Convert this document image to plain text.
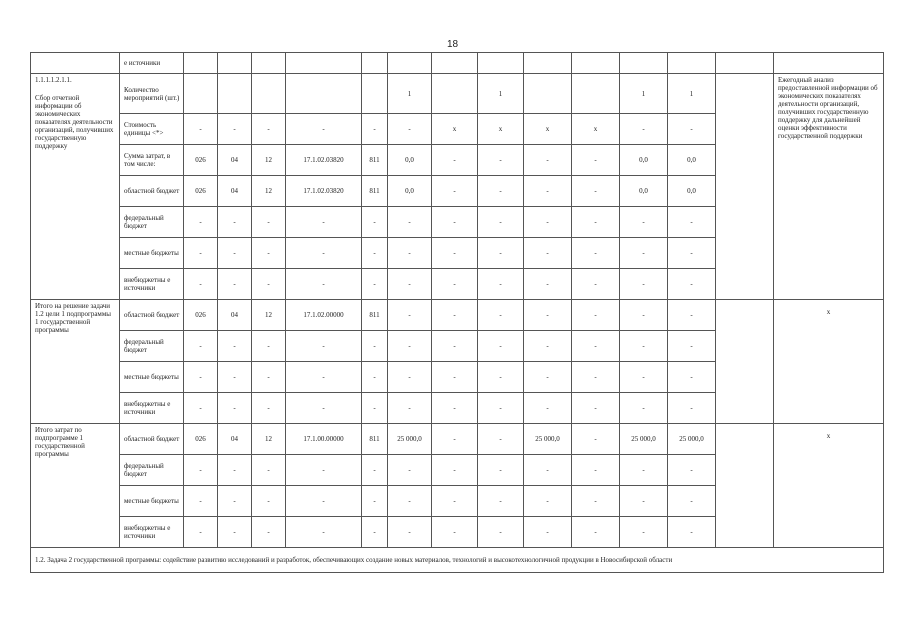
18
	е источники														

1.1.1.1.2.1.1.
Сбор отчетной информации об экономических показателях деятельности организаций, получивших государственную поддержку	Количество мероприятий (шт.)						1		1			1	1		Ежегодный анализ предоставленной информации об экономических показателях деятельности организаций, получивших государственную поддержку для дальнейшей оценки эффективности государственной поддержки
	Стоимость единицы <*>	-	-	-	-	-	-	x	x	x	x	-	-		
	Сумма затрат, в том числе:	026	04	12	17.1.02.03820	811	0,0	-	-	-	-	0,0	0,0		
	областной бюджет	026	04	12	17.1.02.03820	811	0,0	-	-	-	-	0,0	0,0		
	федеральный бюджет	-	-	-	-	-	-	-	-	-	-	-	-		
	местные бюджеты	-	-	-	-	-	-	-	-	-	-	-	-		
	внебюджетны е источники	-	-	-	-	-	-	-	-	-	-	-	-		
Итого на решение задачи 1.2 цели 1 подпрограммы 1 государственной программы	областной бюджет	026	04	12	17.1.02.00000	811	-	-	-	-	-	-	-		x
	федеральный бюджет	-	-	-	-	-	-	-	-	-	-	-	-		
	местные бюджеты	-	-	-	-	-	-	-	-	-	-	-	-		
	внебюджетны е источники	-	-	-	-	-	-	-	-	-	-	-	-		
Итого затрат по подпрограмме 1 государственной программы	областной бюджет	026	04	12	17.1.00.00000	811	25 000,0	-	-	25 000,0	-	25 000,0	25 000,0		x
	федеральный бюджет	-	-	-	-	-	-	-	-	-	-	-	-		
	местные бюджеты	-	-	-	-	-	-	-	-	-	-	-	-		
	внебюджетны е источники	-	-	-	-	-	-	-	-	-	-	-	-		
1.2. Задача 2 государственной программы: содействие развитию исследований и разработок, обеспечивающих создание новых материалов, технологий и высокотехнологичной продукции в Новосибирской области															
